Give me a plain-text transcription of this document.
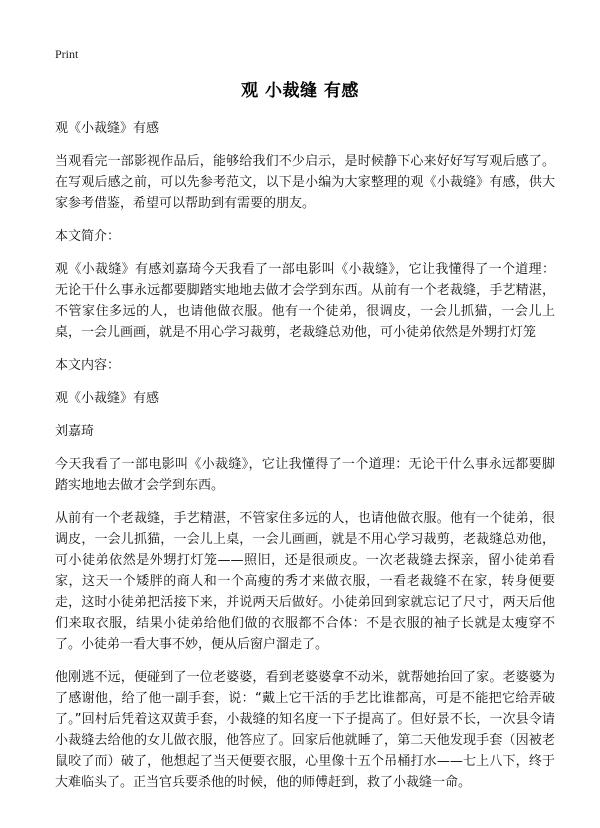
Print
观 小裁缝 有感

观《小裁缝》有感

当观看完一部影视作品后，能够给我们不少启示，是时候静下心来好好写写观后感了。在写观后感之前，可以先参考范文，以下是小编为大家整理的观《小裁缝》有感，供大家参考借鉴，希望可以帮助到有需要的朋友。

本文简介：

观《小裁缝》有感刘嘉琦今天我看了一部电影叫《小裁缝》，它让我懂得了一个道理：无论干什么事永远都要脚踏实地地去做才会学到东西。从前有一个老裁缝，手艺精湛，不管家住多远的人，也请他做衣服。他有一个徒弟，很调皮，一会儿抓猫，一会儿上桌，一会儿画画，就是不用心学习裁剪，老裁缝总劝他，可小徒弟依然是外甥打灯笼

本文内容：

观《小裁缝》有感

刘嘉琦

今天我看了一部电影叫《小裁缝》，它让我懂得了一个道理：无论干什么事永远都要脚踏实地地去做才会学到东西。

从前有一个老裁缝，手艺精湛，不管家住多远的人，也请他做衣服。他有一个徒弟，很调皮，一会儿抓猫，一会儿上桌，一会儿画画，就是不用心学习裁剪，老裁缝总劝他，可小徒弟依然是外甥打灯笼——照旧，还是很顽皮。一次老裁缝去探亲，留小徒弟看家，这天一个矮胖的商人和一个高瘦的秀才来做衣服，一看老裁缝不在家，转身便要走，这时小徒弟把活接下来，并说两天后做好。小徒弟回到家就忘记了尺寸，两天后他们来取衣服，结果小徒弟给他们做的衣服都不合体：不是衣服的袖子长就是太瘦穿不了。小徒弟一看大事不妙，便从后窗户溜走了。

他刚逃不远，便碰到了一位老婆婆，看到老婆婆拿不动米，就帮她抬回了家。老婆婆为了感谢他，给了他一副手套，说：“戴上它干活的手艺比谁都高，可是不能把它给弄破了。”回村后凭着这双黄手套，小裁缝的知名度一下子提高了。但好景不长，一次县令请小裁缝去给他的女儿做衣服，他答应了。回家后他就睡了，第二天他发现手套（因被老鼠咬了而）破了，他想起了当天便要衣服，心里像十五个吊桶打水——七上八下，终于大难临头了。正当官兵要杀他的时候，他的师傅赶到，救了小裁缝一命。
